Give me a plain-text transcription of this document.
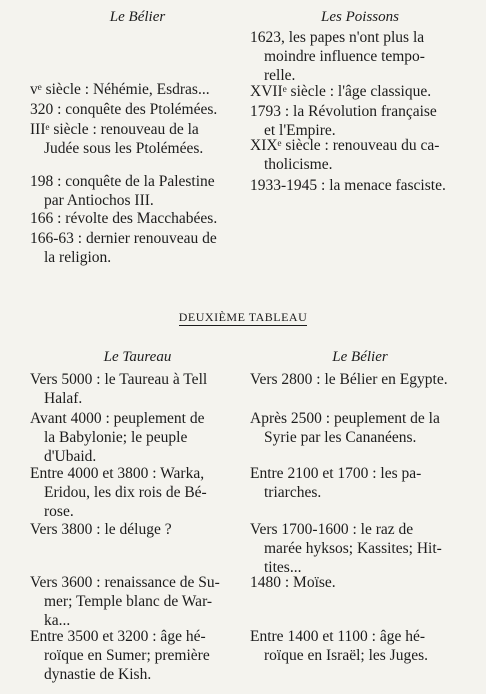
Le Bélier	Les Poissons
vᵉ siècle : Néhémie, Esdras...
320 : conquête des Ptolémées.
IIIᵉ siècle : renouveau de la
Judée sous les Ptolémées.
198 : conquête de la Palestine
par Antiochos III.
166 : révolte des Macchabées.
166-63 : dernier renouveau de
la religion.
1623, les papes n'ont plus la
moindre influence tempo-
relle.
XVIIᵉ siècle : l'âge classique.
1793 : la Révolution française
et l'Empire.
XIXᵉ siècle : renouveau du ca-
tholicisme.
1933-1945 : la menace fasciste.
DEUXIÈME TABLEAU
Le Taureau	Le Bélier
Vers 5000 : le Taureau à Tell
Halaf.
Avant 4000 : peuplement de
la Babylonie; le peuple
d'Ubaid.
Entre 4000 et 3800 : Warka,
Eridou, les dix rois de Bé-
rose.
Vers 3800 : le déluge ?
Vers 3600 : renaissance de Su-
mer; Temple blanc de War-
ka...
Entre 3500 et 3200 : âge hé-
roïque en Sumer; première
dynastie de Kish.
Vers 2800 : le Bélier en Egypte.
Après 2500 : peuplement de la
Syrie par les Cananéens.
Entre 2100 et 1700 : les pa-
triarches.
Vers 1700-1600 : le raz de
marée hyksos; Kassites; Hit-
tites...
1480 : Moïse.
Entre 1400 et 1100 : âge hé-
roïque en Israël; les Juges.
